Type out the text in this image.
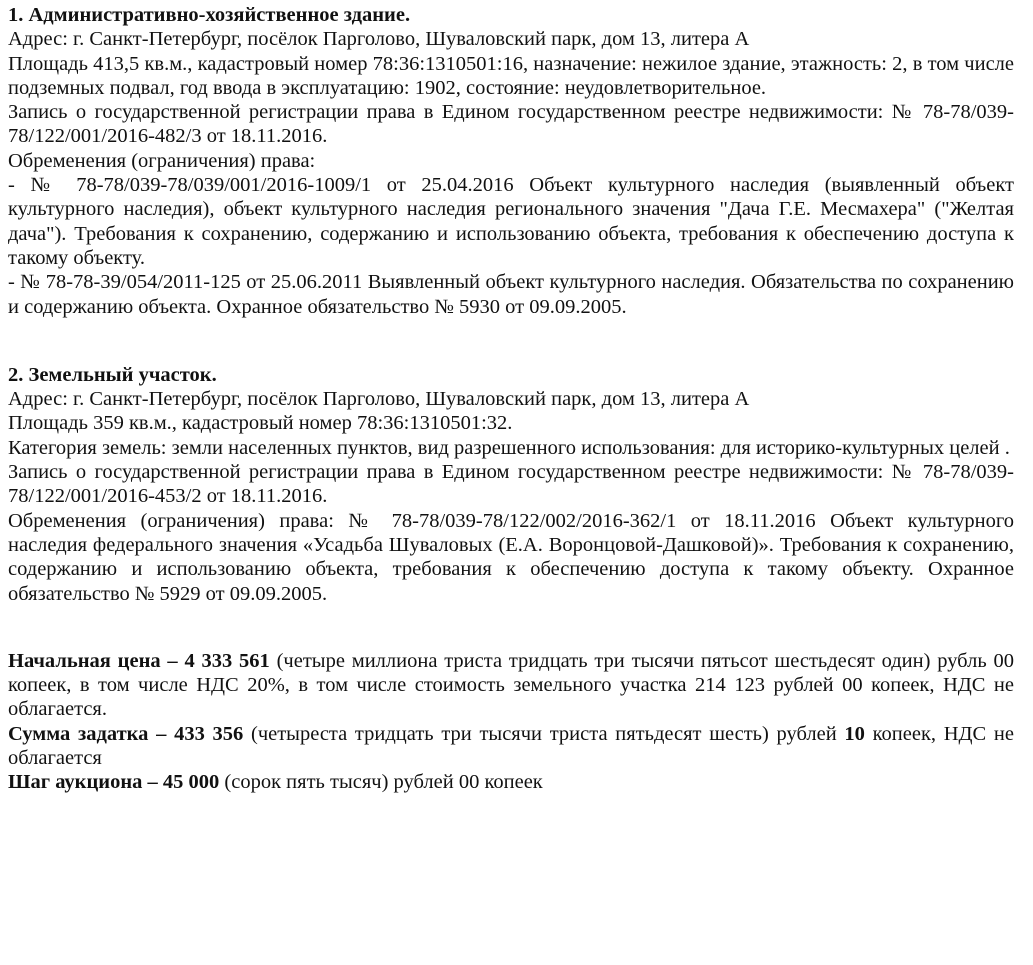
1. Административно-хозяйственное здание.

Адрес: г. Санкт-Петербург, посёлок Парголово, Шуваловский парк, дом 13, литера А

Площадь 413,5 кв.м., кадастровый номер 78:36:1310501:16, назначение: нежилое здание, этажность: 2, в том числе подземных подвал, год ввода в эксплуатацию: 1902, состояние: неудовлетворительное.

Запись о государственной регистрации права в Едином государственном реестре недвижимости: № 78-78/039-78/122/001/2016-482/3 от 18.11.2016.

Обременения (ограничения) права:

- № 78-78/039-78/039/001/2016-1009/1 от 25.04.2016 Объект культурного наследия (выявленный объект культурного наследия), объект культурного наследия регионального значения "Дача Г.Е. Месмахера" ("Желтая дача"). Требования к сохранению, содержанию и использованию объекта, требования к обеспечению доступа к такому объекту.

- № 78-78-39/054/2011-125 от 25.06.2011 Выявленный объект культурного наследия. Обязательства по сохранению и содержанию объекта. Охранное обязательство № 5930 от 09.09.2005.

2. Земельный участок.

Адрес: г. Санкт-Петербург, посёлок Парголово, Шуваловский парк, дом 13, литера А

Площадь 359 кв.м., кадастровый номер 78:36:1310501:32.

Категория земель: земли населенных пунктов, вид разрешенного использования: для историко-культурных целей .

Запись о государственной регистрации права в Едином государственном реестре недвижимости: № 78-78/039-78/122/001/2016-453/2 от 18.11.2016.

Обременения (ограничения) права: № 78-78/039-78/122/002/2016-362/1 от 18.11.2016 Объект культурного наследия федерального значения «Усадьба Шуваловых (Е.А. Воронцовой-Дашковой)». Требования к сохранению, содержанию и использованию объекта, требования к обеспечению доступа к такому объекту. Охранное обязательство № 5929 от 09.09.2005.

Начальная цена – 4 333 561 (четыре миллиона триста тридцать три тысячи пятьсот шестьдесят один) рубль 00 копеек, в том числе НДС 20%, в том числе стоимость земельного участка 214 123 рублей 00 копеек, НДС не облагается.

Сумма задатка – 433 356 (четыреста тридцать три тысячи триста пятьдесят шесть) рублей 10 копеек, НДС не облагается

Шаг аукциона – 45 000 (сорок пять тысяч) рублей 00 копеек
